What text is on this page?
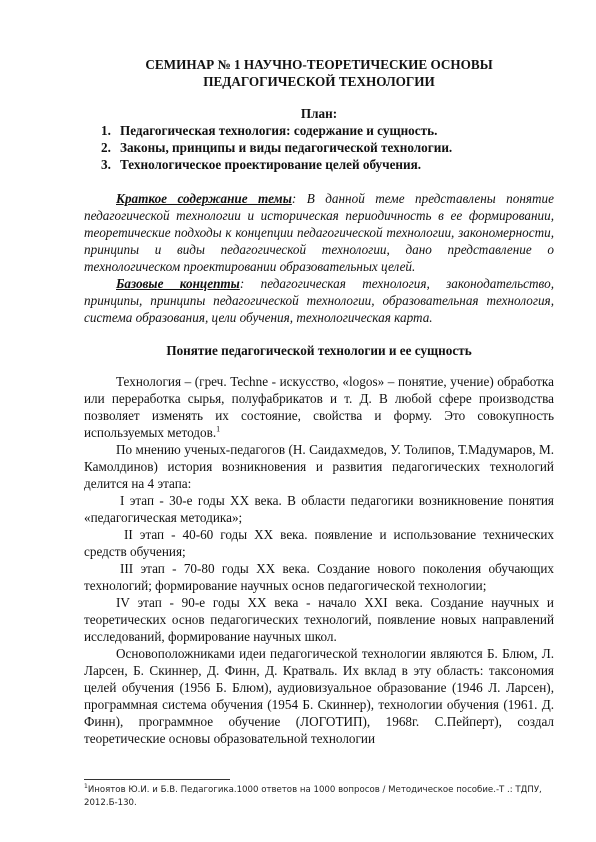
СЕМИНАР № 1 НАУЧНО-ТЕОРЕТИЧЕСКИЕ ОСНОВЫ
ПЕДАГОГИЧЕСКОЙ ТЕХНОЛОГИИ

План:

1. Педагогическая технология: содержание и сущность.
2. Законы, принципы и виды педагогической технологии.
3. Технологическое проектирование целей обучения.

Краткое содержание темы: В данной теме представлены понятие педагогической технологии и историческая периодичность в ее формировании, теоретические подходы к концепции педагогической технологии, закономерности, принципы и виды педагогической технологии, дано представление о технологическом проектировании образовательных целей.

Базовые концепты: педагогическая технология, законодательство, принципы, принципы педагогической технологии, образовательная технология, система образования, цели обучения, технологическая карта.

Понятие педагогической технологии и ее сущность

Технология – (греч. Techne - искусство, «logos» – понятие, учение) обработка или переработка сырья, полуфабрикатов и т. Д. В любой сфере производства позволяет изменять их состояние, свойства и форму. Это совокупность используемых методов.$^1$

По мнению ученых-педагогов (Н. Саидахмедов, У. Толипов, Т.Мадумаров, М. Камолдинов) история возникновения и развития педагогических технологий делится на 4 этапа:

I этап - 30-е годы XX века. В области педагогики возникновение понятия «педагогическая методика»;

II этап - 40-60 годы XX века. появление и использование технических средств обучения;

III этап - 70-80 годы XX века. Создание нового поколения обучающих технологий; формирование научных основ педагогической технологии;

IV этап - 90-е годы XX века - начало XXI века. Создание научных и теоретических основ педагогических технологий, появление новых направлений исследований, формирование научных школ.

Основоположниками идеи педагогической технологии являются Б. Блюм, Л. Ларсен, Б. Скиннер, Д. Финн, Д. Кратваль. Их вклад в эту область: таксономия целей обучения (1956 Б. Блюм), аудиовизуальное образование (1946 Л. Ларсен), программная система обучения (1954 Б. Скиннер), технологии обучения (1961. Д. Финн), программное обучение (ЛОГОТИП), 1968г. С.Пейперт), создал теоретические основы образовательной технологии

$^1$Иноятов Ю.И. и Б.В. Педагогика.1000 ответов на 1000 вопросов / Методическое пособие.-Т .: ТДПУ, 2012.Б-130.
